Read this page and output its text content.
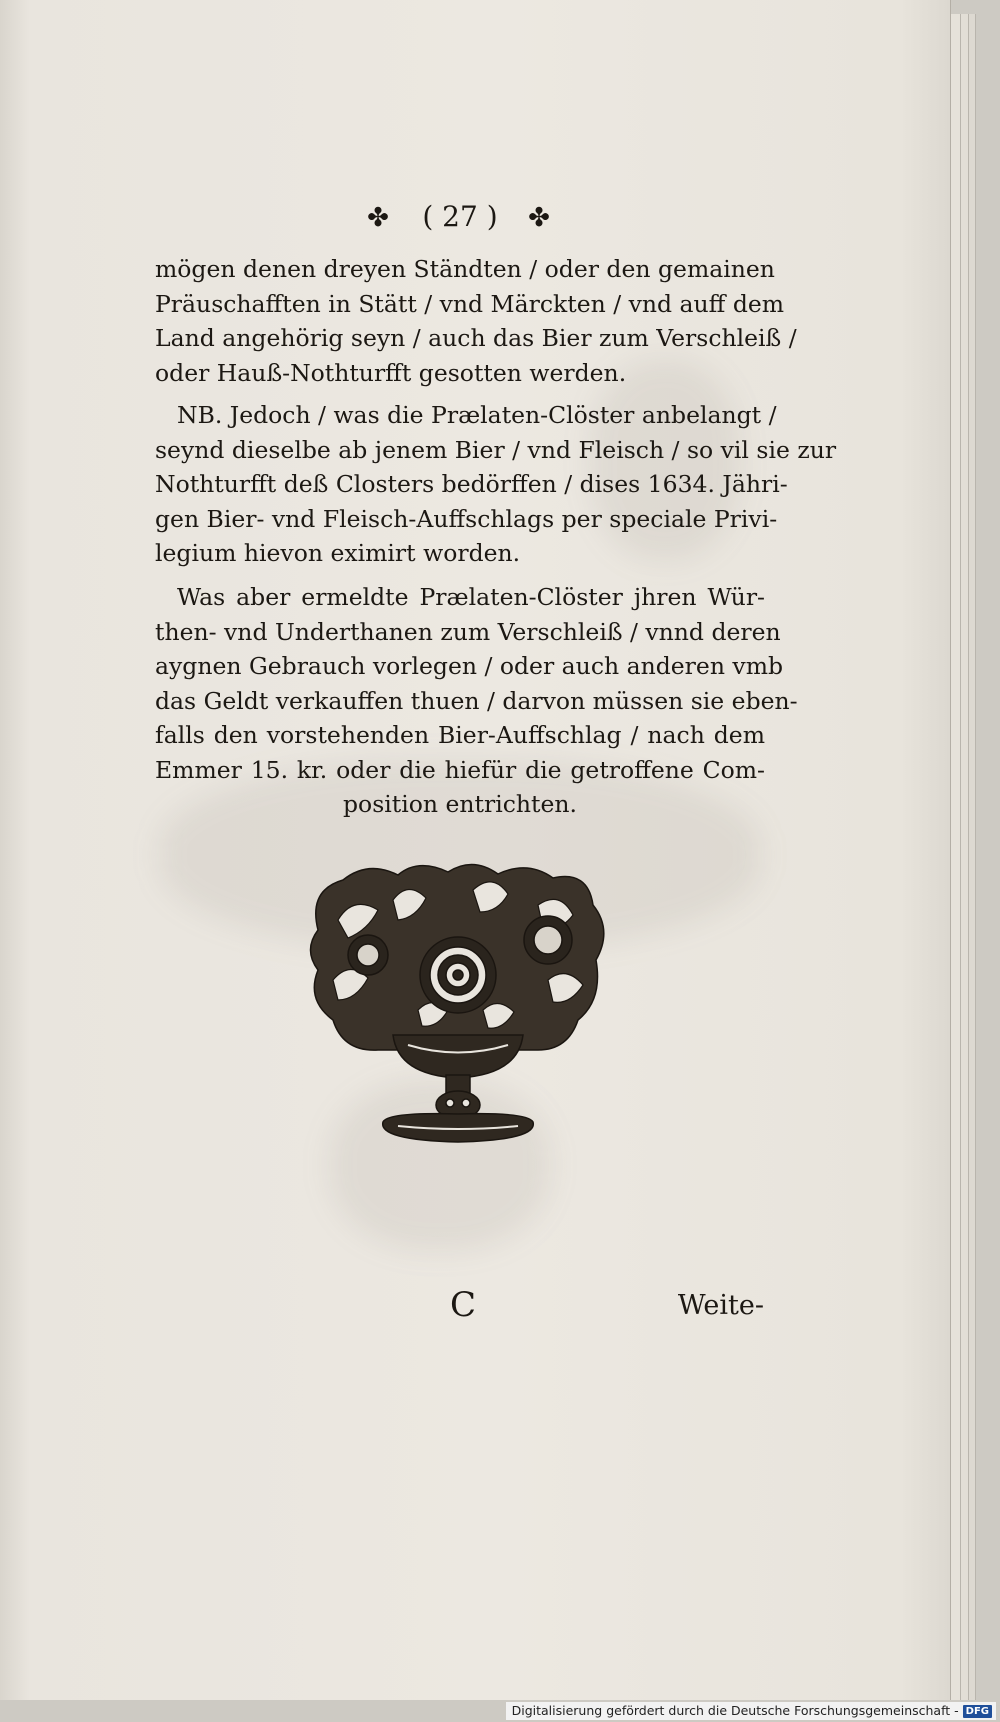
✤	( 27 )	✤
mögen denen dreyen Ständten / oder den gemainen
Präuschafften in Stätt / vnd Märckten / vnd auff dem
Land angehörig seyn / auch das Bier zum Verschleiß /
oder Hauß-Nothturfft gesotten werden.
NB. Jedoch / was die Prælaten-Clöster anbelangt /
seynd dieselbe ab jenem Bier / vnd Fleisch / so vil sie zur
Nothturfft deß Closters bedörffen / dises 1634. Jähri-
gen Bier- vnd Fleisch-Auffschlags per speciale Privi-
legium hievon eximirt worden.
Was aber ermeldte Prælaten-Clöster jhren Wür-
then- vnd Underthanen zum Verschleiß / vnnd deren
aygnen Gebrauch vorlegen / oder auch anderen vmb
das Geldt verkauffen thuen / darvon müssen sie eben-
falls den vorstehenden Bier-Auffschlag / nach dem
Emmer 15. kr. oder die hiefür die getroffene Com-
position entrichten.
C	Weite-
Digitalisierung gefördert durch die Deutsche Forschungsgemeinschaft - DFG
